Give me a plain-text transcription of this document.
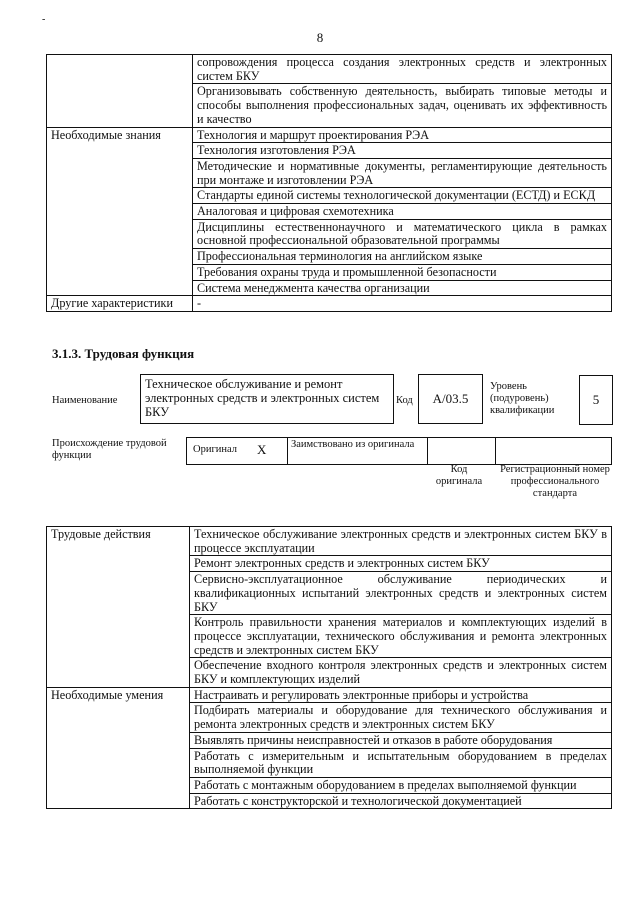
-
8
	сопровождения процесса создания электронных средств и электронных систем БКУ
	Организовывать собственную деятельность, выбирать типовые методы и способы выполнения профессиональных задач, оценивать их эффективность и качество
Необходимые знания	Технология и маршрут проектирования РЭА
	Технология изготовления РЭА
	Методические и нормативные документы, регламентирующие деятельность при монтаже и изготовлении РЭА
	Стандарты единой системы технологической документации (ЕСТД) и ЕСКД
	Аналоговая и цифровая схемотехника
	Дисциплины естественнонаучного и математического цикла в рамках основной профессиональной образовательной программы
	Профессиональная терминология на английском языке
	Требования охраны труда и промышленной безопасности
	Система менеджмента качества организации
Другие характеристики	-
3.1.3. Трудовая функция
Наименование
Техническое обслуживание и ремонт электронных средств и электронных систем БКУ
Код	A/03.5
Уровень (подуровень) квалификации
5
Происхождение трудовой функции
Оригинал X Заимствовано из оригинала
Код оригинала
Регистрационный номер профессионального стандарта
Трудовые действия	Техническое обслуживание электронных средств и электронных систем БКУ в процессе эксплуатации
	Ремонт электронных средств и электронных систем БКУ
	Сервисно-эксплуатационное обслуживание периодических и квалификационных испытаний электронных средств и электронных систем БКУ
	Контроль правильности хранения материалов и комплектующих изделий в процессе эксплуатации, технического обслуживания и ремонта электронных средств и электронных систем БКУ
	Обеспечение входного контроля электронных средств и электронных систем БКУ и комплектующих изделий
Необходимые умения	Настраивать и регулировать электронные приборы и устройства
	Подбирать материалы и оборудование для технического обслуживания и ремонта электронных средств и электронных систем БКУ
	Выявлять причины неисправностей и отказов в работе оборудования
	Работать с измерительным и испытательным оборудованием в пределах выполняемой функции
	Работать с монтажным оборудованием в пределах выполняемой функции
	Работать с конструкторской и технологической документацией
